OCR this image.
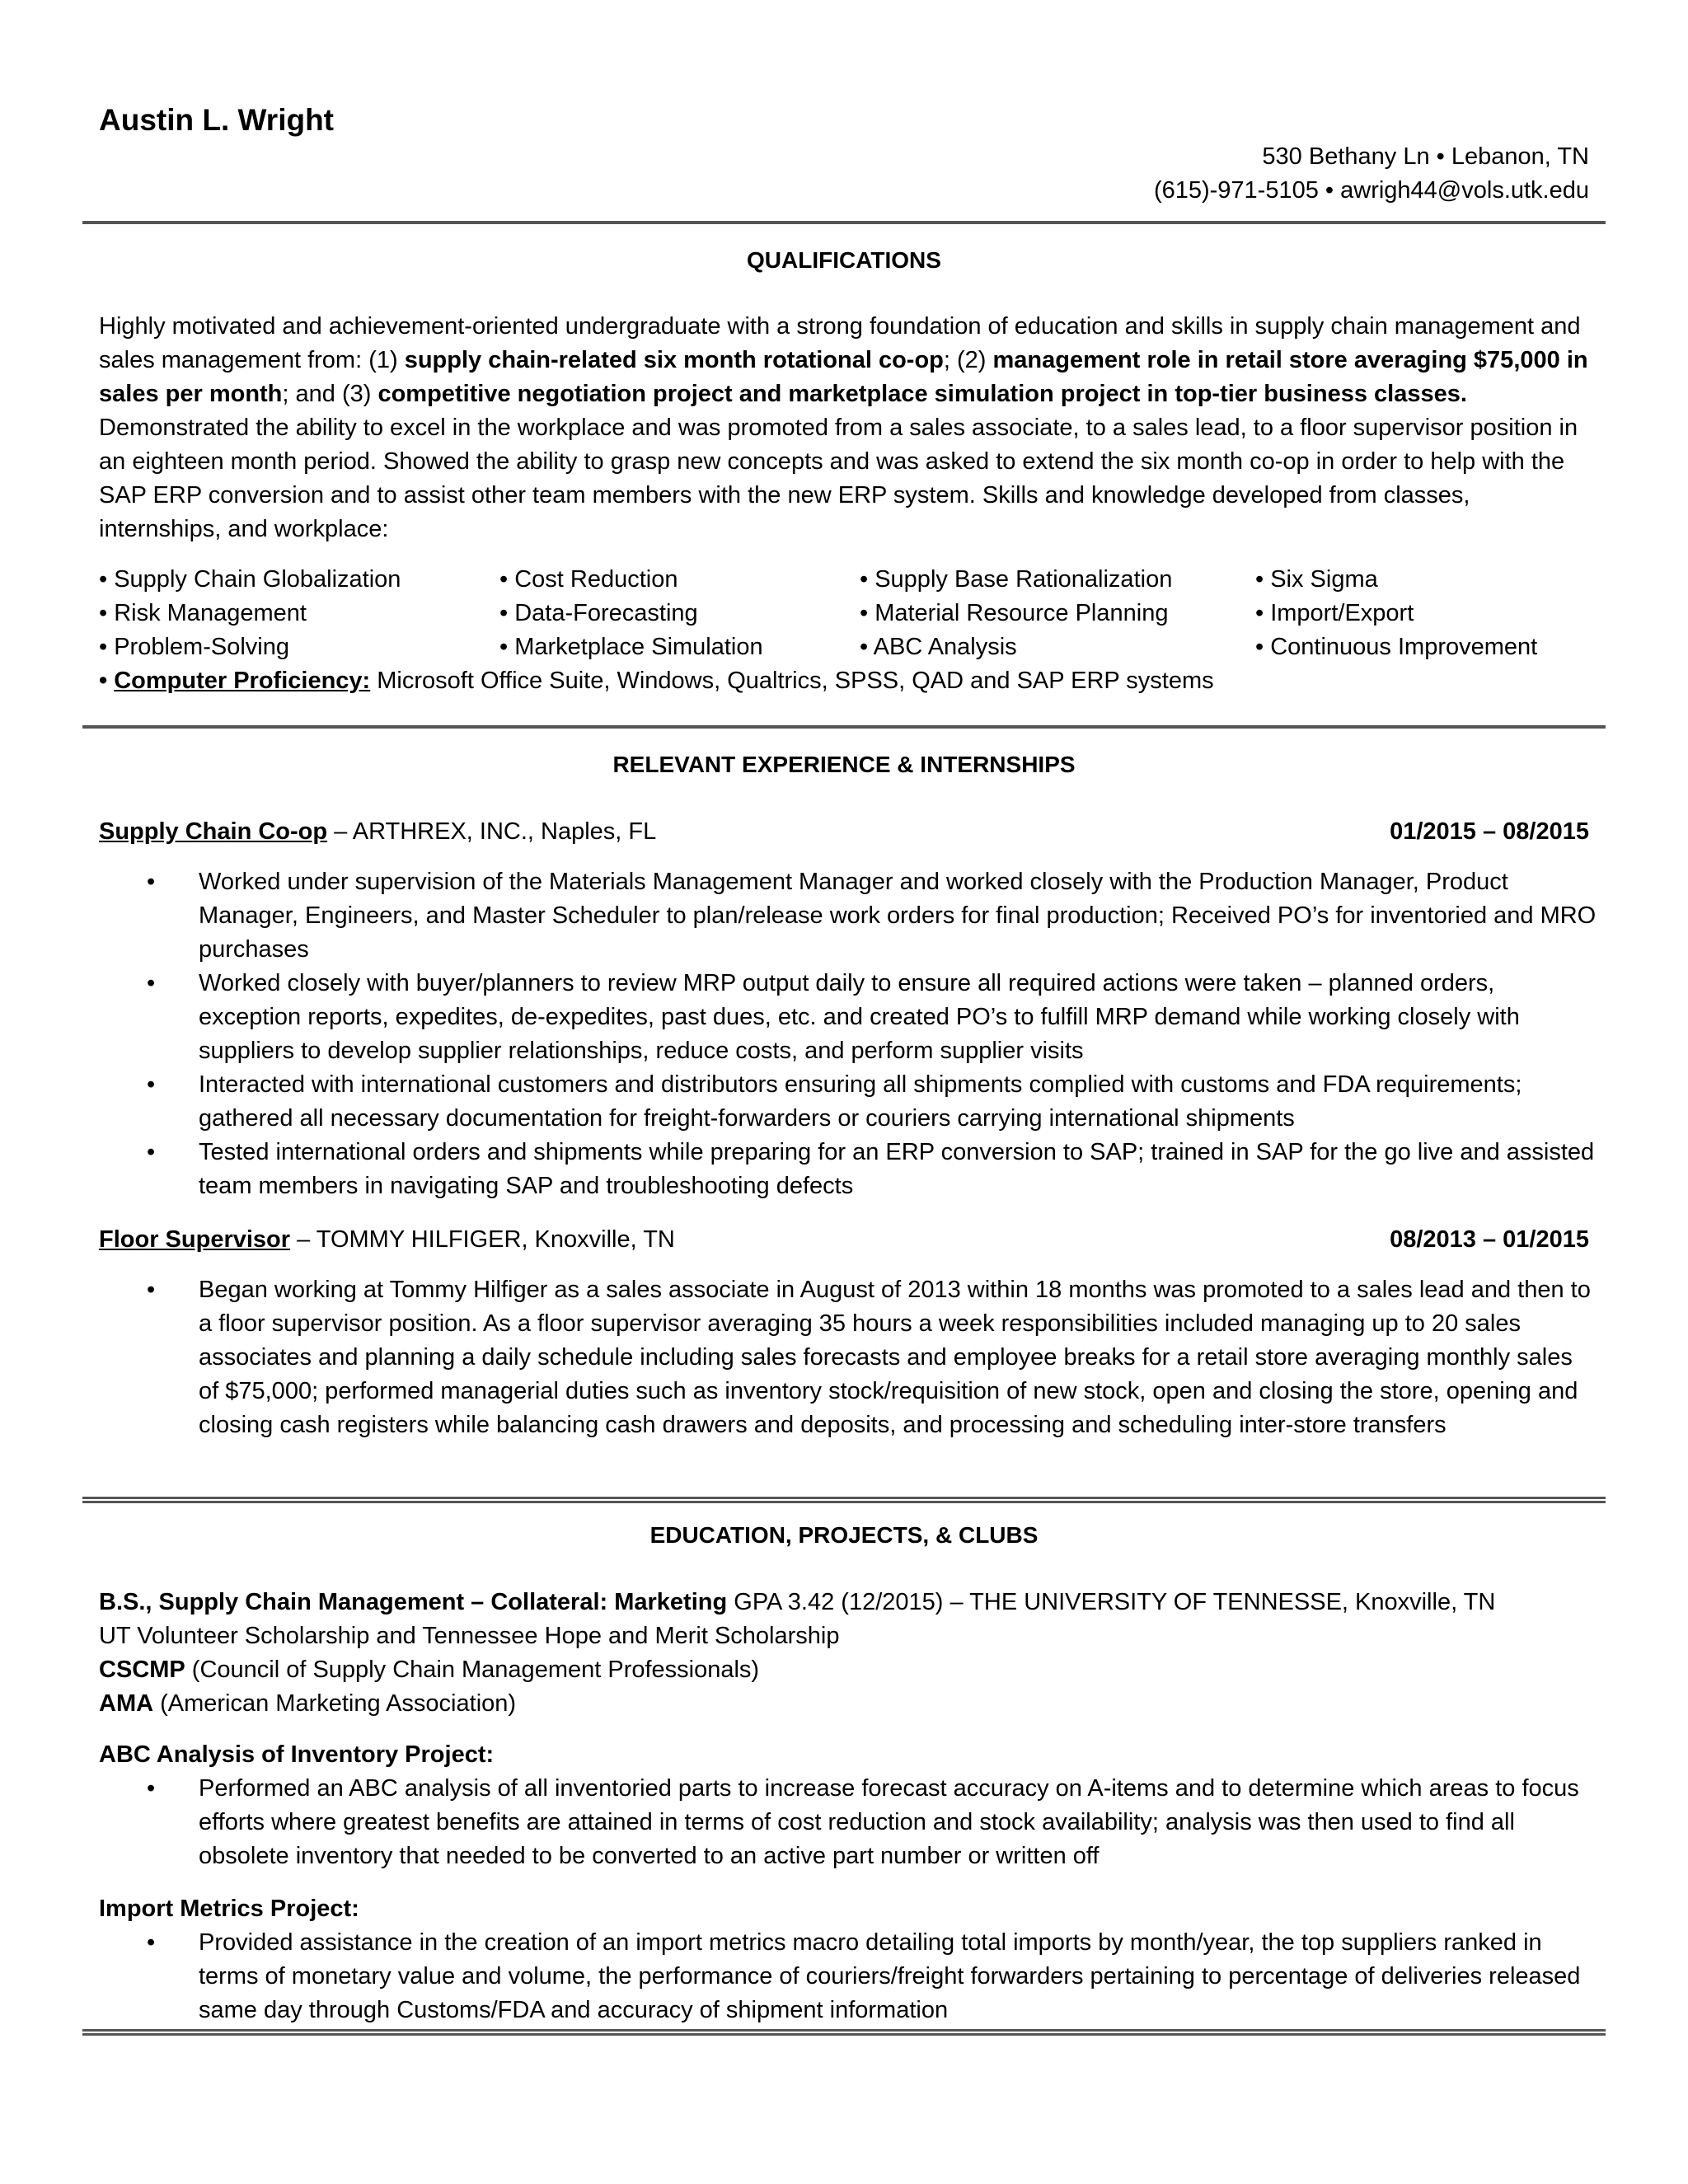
Austin L. Wright
530 Bethany Ln • Lebanon, TN
(615)-971-5105 • awrigh44@vols.utk.edu
QUALIFICATIONS
Highly motivated and achievement-oriented undergraduate with a strong foundation of education and skills in supply chain management and sales management from: (1) supply chain-related six month rotational co-op; (2) management role in retail store averaging $75,000 in sales per month; and (3) competitive negotiation project and marketplace simulation project in top-tier business classes. Demonstrated the ability to excel in the workplace and was promoted from a sales associate, to a sales lead, to a floor supervisor position in an eighteen month period. Showed the ability to grasp new concepts and was asked to extend the six month co-op in order to help with the SAP ERP conversion and to assist other team members with the new ERP system. Skills and knowledge developed from classes, internships, and workplace:
• Supply Chain Globalization	• Cost Reduction	• Supply Base Rationalization	• Six Sigma
• Risk Management	• Data-Forecasting	• Material Resource Planning	• Import/Export
• Problem-Solving	• Marketplace Simulation	• ABC Analysis	• Continuous Improvement
• Computer Proficiency: Microsoft Office Suite, Windows, Qualtrics, SPSS, QAD and SAP ERP systems
RELEVANT EXPERIENCE & INTERNSHIPS
Supply Chain Co-op – ARTHREX, INC., Naples, FL	01/2015 – 08/2015
• Worked under supervision of the Materials Management Manager and worked closely with the Production Manager, Product Manager, Engineers, and Master Scheduler to plan/release work orders for final production; Received PO’s for inventoried and MRO purchases
• Worked closely with buyer/planners to review MRP output daily to ensure all required actions were taken – planned orders, exception reports, expedites, de-expedites, past dues, etc. and created PO’s to fulfill MRP demand while working closely with suppliers to develop supplier relationships, reduce costs, and perform supplier visits
• Interacted with international customers and distributors ensuring all shipments complied with customs and FDA requirements; gathered all necessary documentation for freight-forwarders or couriers carrying international shipments
• Tested international orders and shipments while preparing for an ERP conversion to SAP; trained in SAP for the go live and assisted team members in navigating SAP and troubleshooting defects
Floor Supervisor – TOMMY HILFIGER, Knoxville, TN	08/2013 – 01/2015
• Began working at Tommy Hilfiger as a sales associate in August of 2013 within 18 months was promoted to a sales lead and then to a floor supervisor position. As a floor supervisor averaging 35 hours a week responsibilities included managing up to 20 sales associates and planning a daily schedule including sales forecasts and employee breaks for a retail store averaging monthly sales of $75,000; performed managerial duties such as inventory stock/requisition of new stock, open and closing the store, opening and closing cash registers while balancing cash drawers and deposits, and processing and scheduling inter-store transfers
EDUCATION, PROJECTS, & CLUBS
B.S., Supply Chain Management – Collateral: Marketing GPA 3.42 (12/2015) – THE UNIVERSITY OF TENNESSE, Knoxville, TN
UT Volunteer Scholarship and Tennessee Hope and Merit Scholarship
CSCMP (Council of Supply Chain Management Professionals)
AMA (American Marketing Association)
ABC Analysis of Inventory Project:
• Performed an ABC analysis of all inventoried parts to increase forecast accuracy on A-items and to determine which areas to focus efforts where greatest benefits are attained in terms of cost reduction and stock availability; analysis was then used to find all obsolete inventory that needed to be converted to an active part number or written off
Import Metrics Project:
• Provided assistance in the creation of an import metrics macro detailing total imports by month/year, the top suppliers ranked in terms of monetary value and volume, the performance of couriers/freight forwarders pertaining to percentage of deliveries released same day through Customs/FDA and accuracy of shipment information
